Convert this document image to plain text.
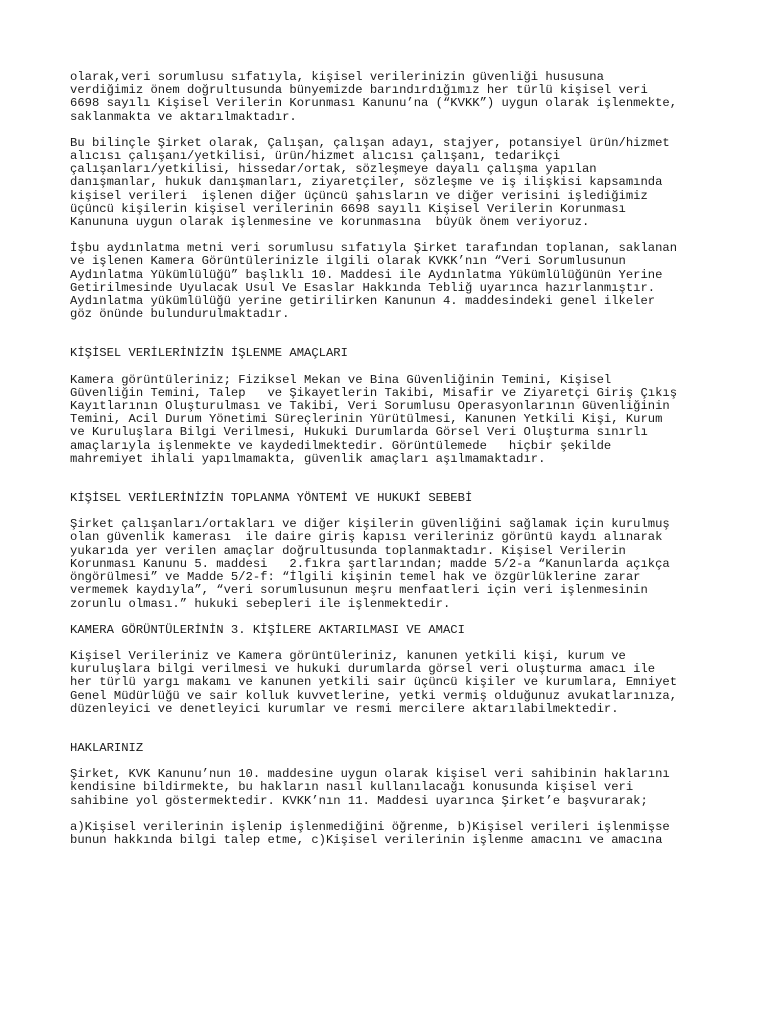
olarak,veri sorumlusu sıfatıyla, kişisel verilerinizin güvenliği hususuna
verdiğimiz önem doğrultusunda bünyemizde barındırdığımız her türlü kişisel veri
6698 sayılı Kişisel Verilerin Korunması Kanunu’na (“KVKK”) uygun olarak işlenmekte,
saklanmakta ve aktarılmaktadır.

Bu bilinçle Şirket olarak, Çalışan, çalışan adayı, stajyer, potansiyel ürün/hizmet
alıcısı çalışanı/yetkilisi, ürün/hizmet alıcısı çalışanı, tedarikçi
çalışanları/yetkilisi, hissedar/ortak, sözleşmeye dayalı çalışma yapılan
danışmanlar, hukuk danışmanları, ziyaretçiler, sözleşme ve iş ilişkisi kapsamında
kişisel verileri  işlenen diğer üçüncü şahısların ve diğer verisini işlediğimiz
üçüncü kişilerin kişisel verilerinin 6698 sayılı Kişisel Verilerin Korunması
Kanununa uygun olarak işlenmesine ve korunmasına  büyük önem veriyoruz.

İşbu aydınlatma metni veri sorumlusu sıfatıyla Şirket tarafından toplanan, saklanan
ve işlenen Kamera Görüntülerinizle ilgili olarak KVKK’nın “Veri Sorumlusunun
Aydınlatma Yükümlülüğü” başlıklı 10. Maddesi ile Aydınlatma Yükümlülüğünün Yerine
Getirilmesinde Uyulacak Usul Ve Esaslar Hakkında Tebliğ uyarınca hazırlanmıştır.
Aydınlatma yükümlülüğü yerine getirilirken Kanunun 4. maddesindeki genel ilkeler
göz önünde bulundurulmaktadır.

KİŞİSEL VERİLERİNİZİN İŞLENME AMAÇLARI

Kamera görüntüleriniz; Fiziksel Mekan ve Bina Güvenliğinin Temini, Kişisel
Güvenliğin Temini, Talep   ve Şikayetlerin Takibi, Misafir ve Ziyaretçi Giriş Çıkış
Kayıtlarının Oluşturulması ve Takibi, Veri Sorumlusu Operasyonlarının Güvenliğinin
Temini, Acil Durum Yönetimi Süreçlerinin Yürütülmesi, Kanunen Yetkili Kişi, Kurum
ve Kuruluşlara Bilgi Verilmesi, Hukuki Durumlarda Görsel Veri Oluşturma sınırlı
amaçlarıyla işlenmekte ve kaydedilmektedir. Görüntülemede   hiçbir şekilde
mahremiyet ihlali yapılmamakta, güvenlik amaçları aşılmamaktadır.

KİŞİSEL VERİLERİNİZİN TOPLANMA YÖNTEMİ VE HUKUKİ SEBEBİ

Şirket çalışanları/ortakları ve diğer kişilerin güvenliğini sağlamak için kurulmuş
olan güvenlik kamerası  ile daire giriş kapısı verileriniz görüntü kaydı alınarak
yukarıda yer verilen amaçlar doğrultusunda toplanmaktadır. Kişisel Verilerin
Korunması Kanunu 5. maddesi   2.fıkra şartlarından; madde 5/2-a “Kanunlarda açıkça
öngörülmesi” ve Madde 5/2-f: “İlgili kişinin temel hak ve özgürlüklerine zarar
vermemek kaydıyla”, “veri sorumlusunun meşru menfaatleri için veri işlenmesinin
zorunlu olması.” hukuki sebepleri ile işlenmektedir.

KAMERA GÖRÜNTÜLERİNİN 3. KİŞİLERE AKTARILMASI VE AMACI

Kişisel Verileriniz ve Kamera görüntüleriniz, kanunen yetkili kişi, kurum ve
kuruluşlara bilgi verilmesi ve hukuki durumlarda görsel veri oluşturma amacı ile
her türlü yargı makamı ve kanunen yetkili sair üçüncü kişiler ve kurumlara, Emniyet
Genel Müdürlüğü ve sair kolluk kuvvetlerine, yetki vermiş olduğunuz avukatlarınıza,
düzenleyici ve denetleyici kurumlar ve resmi mercilere aktarılabilmektedir.

HAKLARINIZ

Şirket, KVK Kanunu’nun 10. maddesine uygun olarak kişisel veri sahibinin haklarını
kendisine bildirmekte, bu hakların nasıl kullanılacağı konusunda kişisel veri
sahibine yol göstermektedir. KVKK’nın 11. Maddesi uyarınca Şirket’e başvurarak;

a)Kişisel verilerinin işlenip işlenmediğini öğrenme, b)Kişisel verileri işlenmişse
bunun hakkında bilgi talep etme, c)Kişisel verilerinin işlenme amacını ve amacına
